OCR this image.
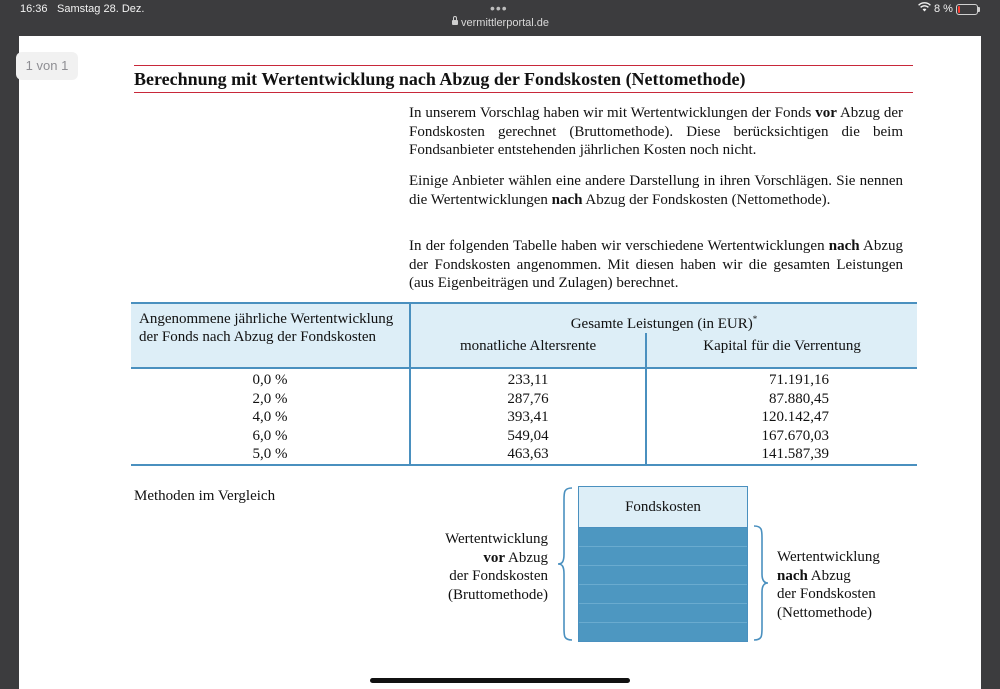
16:36 Samstag 28. Dez.	•••
vermittlerportal.de
8 %
1 von 1
Berechnung mit Wertentwicklung nach Abzug der Fondskosten (Nettomethode)
In unserem Vorschlag haben wir mit Wertentwicklungen der Fonds vor Abzug der Fondskosten gerechnet (Bruttomethode). Diese berücksichtigen die beim Fondsanbieter entstehenden jährlichen Kosten noch nicht.
Einige Anbieter wählen eine andere Darstellung in ihren Vorschlägen. Sie nennen die Wertentwicklungen nach Abzug der Fondskosten (Nettomethode).
In der folgenden Tabelle haben wir verschiedene Wertentwicklungen nach Abzug der Fondskosten angenommen. Mit diesen haben wir die gesamten Leistungen (aus Eigenbeiträgen und Zulagen) berechnet.
Angenommene jährliche Wertentwicklung der Fonds nach Abzug der Fondskosten	Gesamte Leistungen (in EUR)*
	monatliche Altersrente	Kapital für die Verrentung
0,0 %	233,11	71.191,16
2,0 %	287,76	87.880,45
4,0 %	393,41	120.142,47
6,0 %	549,04	167.670,03
5,0 %	463,63	141.587,39
Methoden im Vergleich
Fondskosten
Wertentwicklung
vor Abzug
der Fondskosten
(Bruttomethode)
Wertentwicklung
nach Abzug
der Fondskosten
(Nettomethode)
